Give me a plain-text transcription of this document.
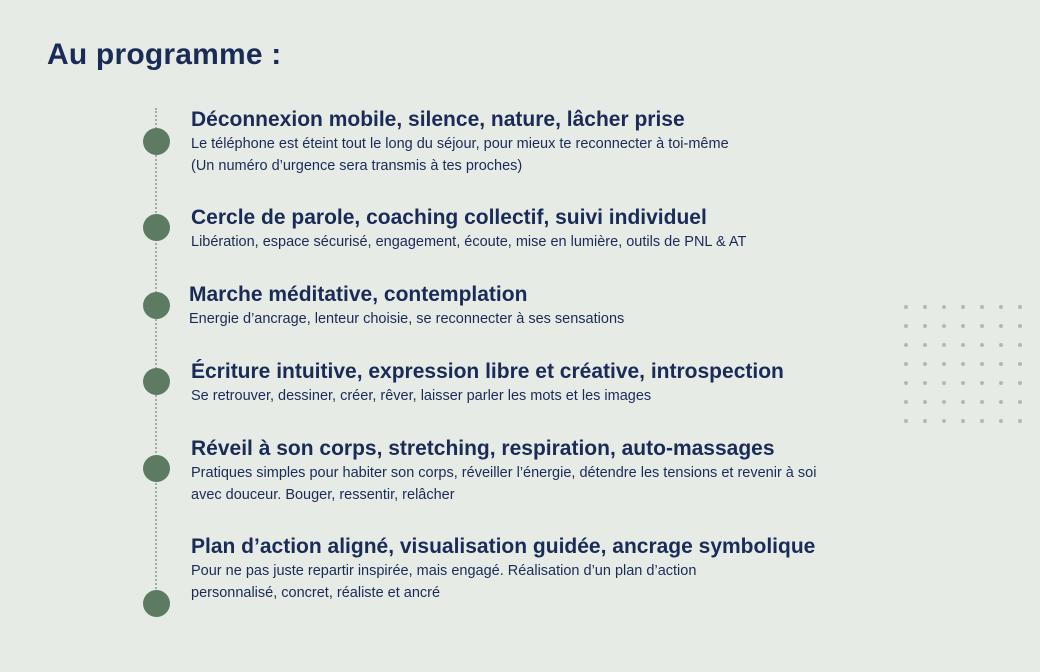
Au programme :

Déconnexion mobile, silence, nature, lâcher prise

Le téléphone est éteint tout le long du séjour, pour mieux te reconnecter à toi-même

(Un numéro d’urgence sera transmis à tes proches)

Cercle de parole, coaching collectif, suivi individuel

Libération, espace sécurisé, engagement, écoute, mise en lumière, outils de PNL & AT

Marche méditative, contemplation

Energie d’ancrage, lenteur choisie, se reconnecter à ses sensations

Écriture intuitive, expression libre et créative, introspection

Se retrouver, dessiner, créer, rêver, laisser parler les mots et les images

Réveil à son corps, stretching, respiration, auto-massages

Pratiques simples pour habiter son corps, réveiller l’énergie, détendre les tensions et revenir à soi

avec douceur. Bouger, ressentir, relâcher

Plan d’action aligné, visualisation guidée, ancrage symbolique

Pour ne pas juste repartir inspirée, mais engagé. Réalisation d’un plan d’action

personnalisé, concret, réaliste et ancré
